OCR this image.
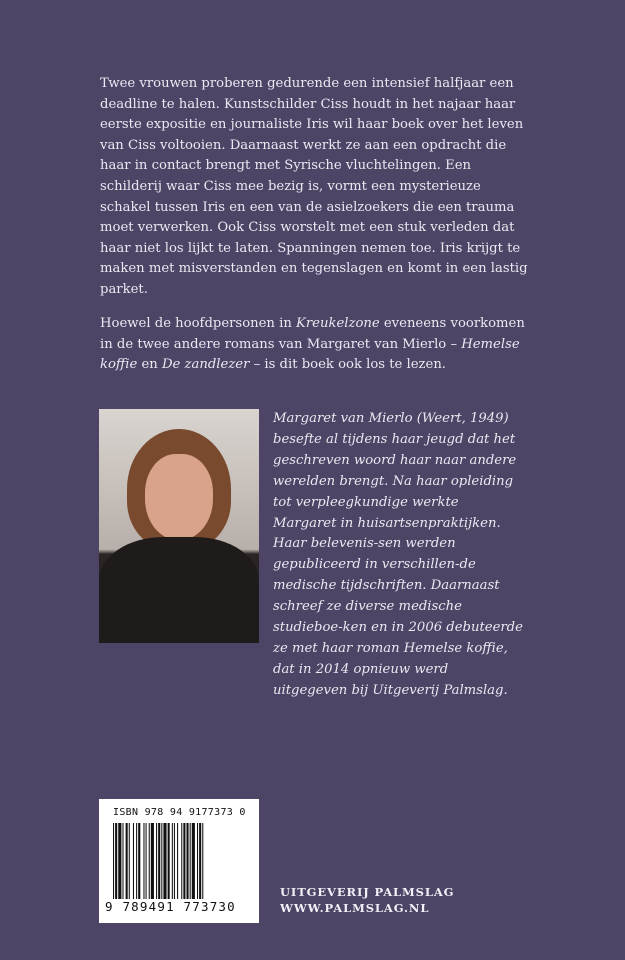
Twee vrouwen proberen gedurende een intensief halfjaar een deadline te halen. Kunstschilder Ciss houdt in het najaar haar eerste expositie en journaliste Iris wil haar boek over het leven van Ciss voltooien. Daarnaast werkt ze aan een opdracht die haar in contact brengt met Syrische vluchtelingen. Een schilderij waar Ciss mee bezig is, vormt een mysterieuze schakel tussen Iris en een van de asielzoekers die een trauma moet verwerken. Ook Ciss worstelt met een stuk verleden dat haar niet los lijkt te laten. Spanningen nemen toe. Iris krijgt te maken met misverstanden en tegenslagen en komt in een lastig parket.

Hoewel de hoofdpersonen in Kreukelzone eveneens voorkomen in de twee andere romans van Margaret van Mierlo – Hemelse koffie en De zandlezer – is dit boek ook los te lezen.

Margaret van Mierlo (Weert, 1949) besefte al tijdens haar jeugd dat het geschreven woord haar naar andere werelden brengt. Na haar opleiding tot verpleegkundige werkte Margaret in huisartsenpraktijken. Haar belevenis-sen werden gepubliceerd in verschillen-de medische tijdschriften. Daarnaast schreef ze diverse medische studieboe-ken en in 2006 debuteerde ze met haar roman Hemelse koffie, dat in 2014 opnieuw werd uitgegeven bij Uitgeverij Palmslag.

ISBN 978 94 9177373 0
9 789491 773730
UITGEVERIJ PALMSLAG
WWW.PALMSLAG.NL
